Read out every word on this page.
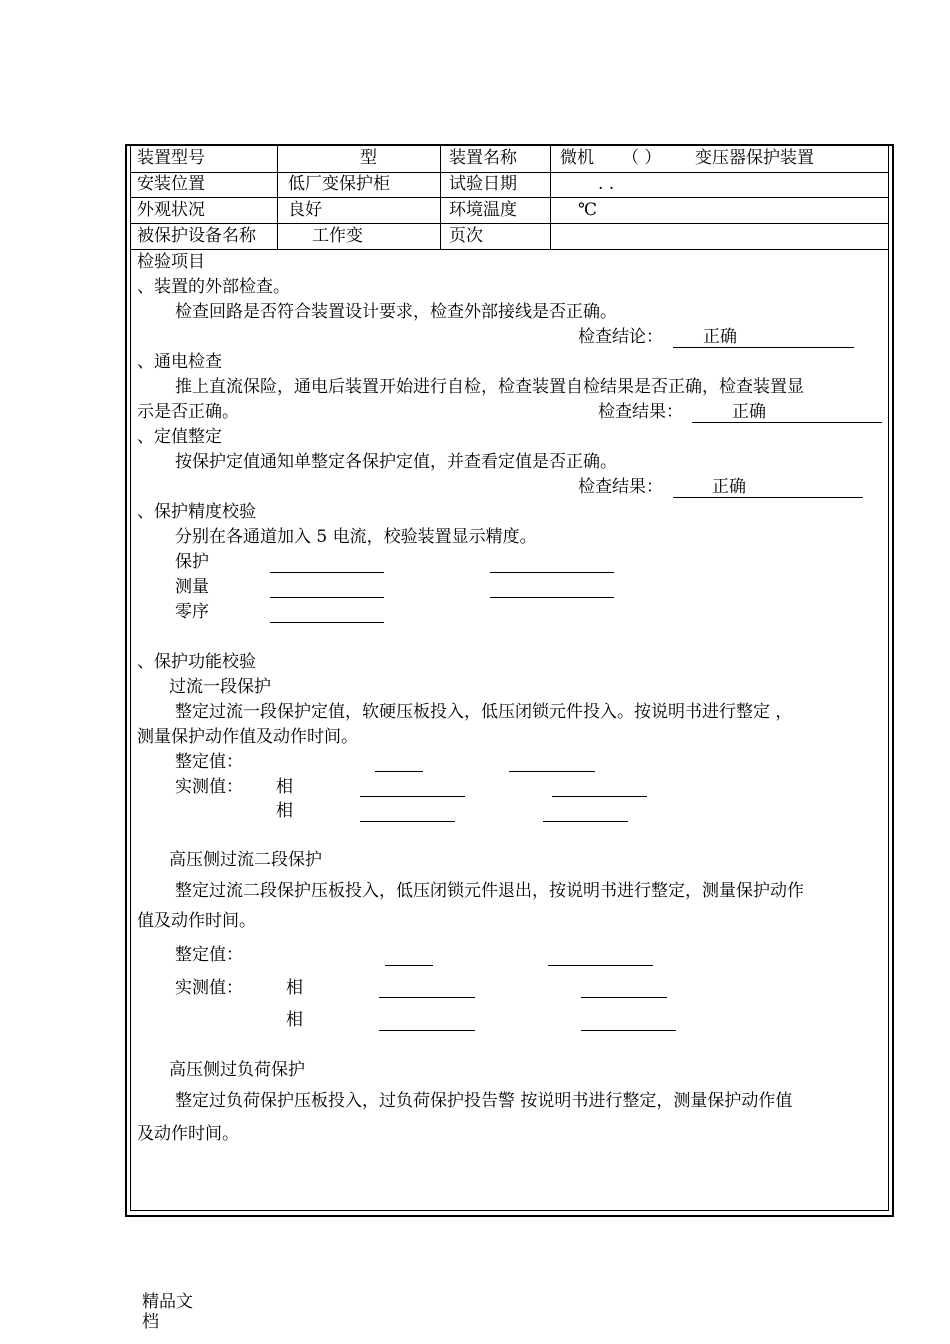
装置型号	型	装置名称	微机 （ ） 变压器保护装置
安装位置	低厂变保护柜	试验日期	. .
外观状况	良好	环境温度	℃
被保护设备名称	工作变	页次
检验项目
、装置的外部检查。
检查回路是否符合装置设计要求，检查外部接线是否正确。
检查结论： 正确
、通电检查
推上直流保险，通电后装置开始进行自检，检查装置自检结果是否正确，检查装置显
示是否正确。	检查结果：	正确
、定值整定
按保护定值通知单整定各保护定值，并查看定值是否正确。
检查结果：	正确
、保护精度校验
分别在各通道加入 5 电流，校验装置显示精度。
保护
测量
零序
、保护功能校验
过流一段保护
整定过流一段保护定值，软硬压板投入，低压闭锁元件投入。按说明书进行整定 ，
测量保护动作值及动作时间。
整定值：
实测值： 相
相
高压侧过流二段保护
整定过流二段保护压板投入，低压闭锁元件退出，按说明书进行整定，测量保护动作
值及动作时间。
整定值：
实测值：	相
相
高压侧过负荷保护
整定过负荷保护压板投入，过负荷保护投告警 按说明书进行整定，测量保护动作值
及动作时间。
精品文
档
